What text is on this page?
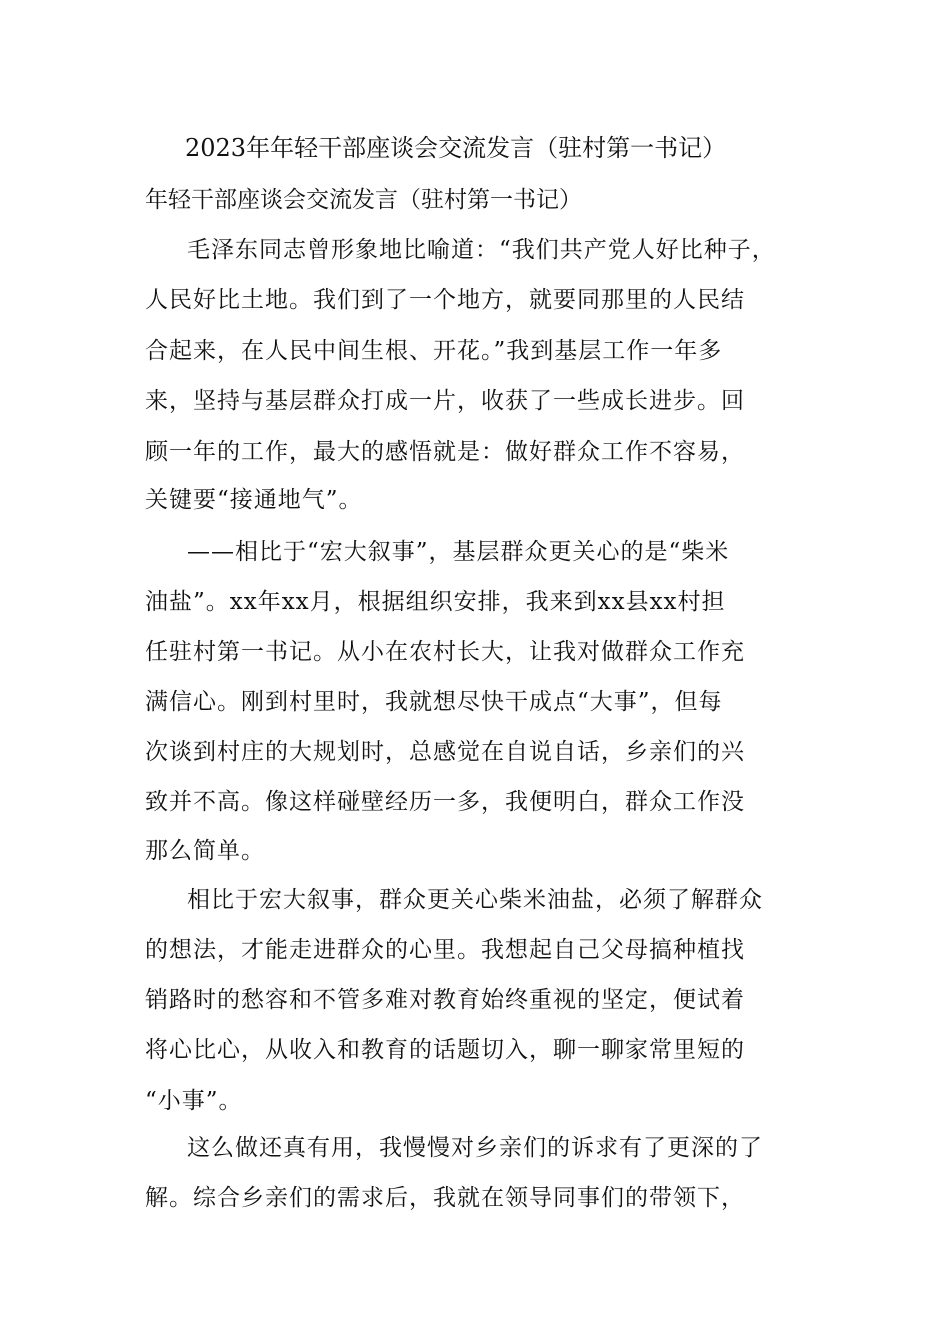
2023年年轻干部座谈会交流发言（驻村第一书记）

年轻干部座谈会交流发言（驻村第一书记）

毛泽东同志曾形象地比喻道：“我们共产党人好比种子，

人民好比土地。我们到了一个地方，就要同那里的人民结

合起来，在人民中间生根、开花。”我到基层工作一年多

来，坚持与基层群众打成一片，收获了一些成长进步。回

顾一年的工作，最大的感悟就是：做好群众工作不容易，

关键要“接通地气”。

——相比于“宏大叙事”，基层群众更关心的是“柴米

油盐”。xx年xx月，根据组织安排，我来到xx县xx村担

任驻村第一书记。从小在农村长大，让我对做群众工作充

满信心。刚到村里时，我就想尽快干成点“大事”，但每

次谈到村庄的大规划时，总感觉在自说自话，乡亲们的兴

致并不高。像这样碰壁经历一多，我便明白，群众工作没

那么简单。

相比于宏大叙事，群众更关心柴米油盐，必须了解群众

的想法，才能走进群众的心里。我想起自己父母搞种植找

销路时的愁容和不管多难对教育始终重视的坚定，便试着

将心比心，从收入和教育的话题切入，聊一聊家常里短的

“小事”。

这么做还真有用，我慢慢对乡亲们的诉求有了更深的了

解。综合乡亲们的需求后，我就在领导同事们的带领下，
